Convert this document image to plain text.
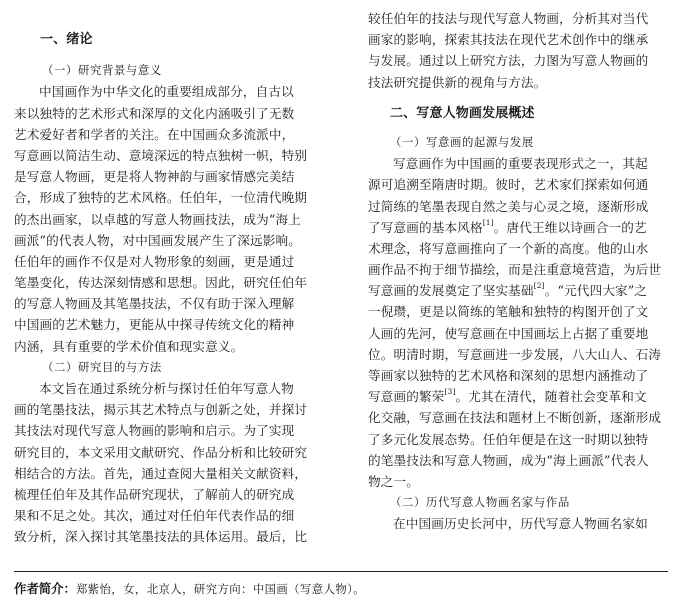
一、绪论
（一）研究背景与意义
中国画作为中华文化的重要组成部分，自古以
来以独特的艺术形式和深厚的文化内涵吸引了无数
艺术爱好者和学者的关注。在中国画众多流派中，
写意画以简洁生动、意境深远的特点独树一帜，特别
是写意人物画，更是将人物神韵与画家情感完美结
合，形成了独特的艺术风格。任伯年，一位清代晚期
的杰出画家，以卓越的写意人物画技法，成为“海上
画派”的代表人物，对中国画发展产生了深远影响。
任伯年的画作不仅是对人物形象的刻画，更是通过
笔墨变化，传达深刻情感和思想。因此，研究任伯年
的写意人物画及其笔墨技法，不仅有助于深入理解
中国画的艺术魅力，更能从中探寻传统文化的精神
内涵，具有重要的学术价值和现实意义。
（二）研究目的与方法
本文旨在通过系统分析与探讨任伯年写意人物
画的笔墨技法，揭示其艺术特点与创新之处，并探讨
其技法对现代写意人物画的影响和启示。为了实现
研究目的，本文采用文献研究、作品分析和比较研究
相结合的方法。首先，通过查阅大量相关文献资料，
梳理任伯年及其作品研究现状，了解前人的研究成
果和不足之处。其次，通过对任伯年代表作品的细
致分析，深入探讨其笔墨技法的具体运用。最后，比
较任伯年的技法与现代写意人物画，分析其对当代
画家的影响，探索其技法在现代艺术创作中的继承
与发展。通过以上研究方法，力图为写意人物画的
技法研究提供新的视角与方法。
二、写意人物画发展概述
（一）写意画的起源与发展
写意画作为中国画的重要表现形式之一，其起
源可追溯至隋唐时期。彼时，艺术家们探索如何通
过简练的笔墨表现自然之美与心灵之境，逐渐形成
了写意画的基本风格[1]。唐代王维以诗画合一的艺
术理念，将写意画推向了一个新的高度。他的山水
画作品不拘于细节描绘，而是注重意境营造，为后世
写意画的发展奠定了坚实基础[2]。“元代四大家”之
一倪瓒，更是以简练的笔触和独特的构图开创了文
人画的先河，使写意画在中国画坛上占据了重要地
位。明清时期，写意画进一步发展，八大山人、石涛
等画家以独特的艺术风格和深刻的思想内涵推动了
写意画的繁荣[3]。尤其在清代，随着社会变革和文
化交融，写意画在技法和题材上不断创新，逐渐形成
了多元化发展态势。任伯年便是在这一时期以独特
的笔墨技法和写意人物画，成为“海上画派”代表人
物之一。
（二）历代写意人物画名家与作品
在中国画历史长河中，历代写意人物画名家如
作者简介：郑紫怡，女，北京人，研究方向：中国画（写意人物）。
